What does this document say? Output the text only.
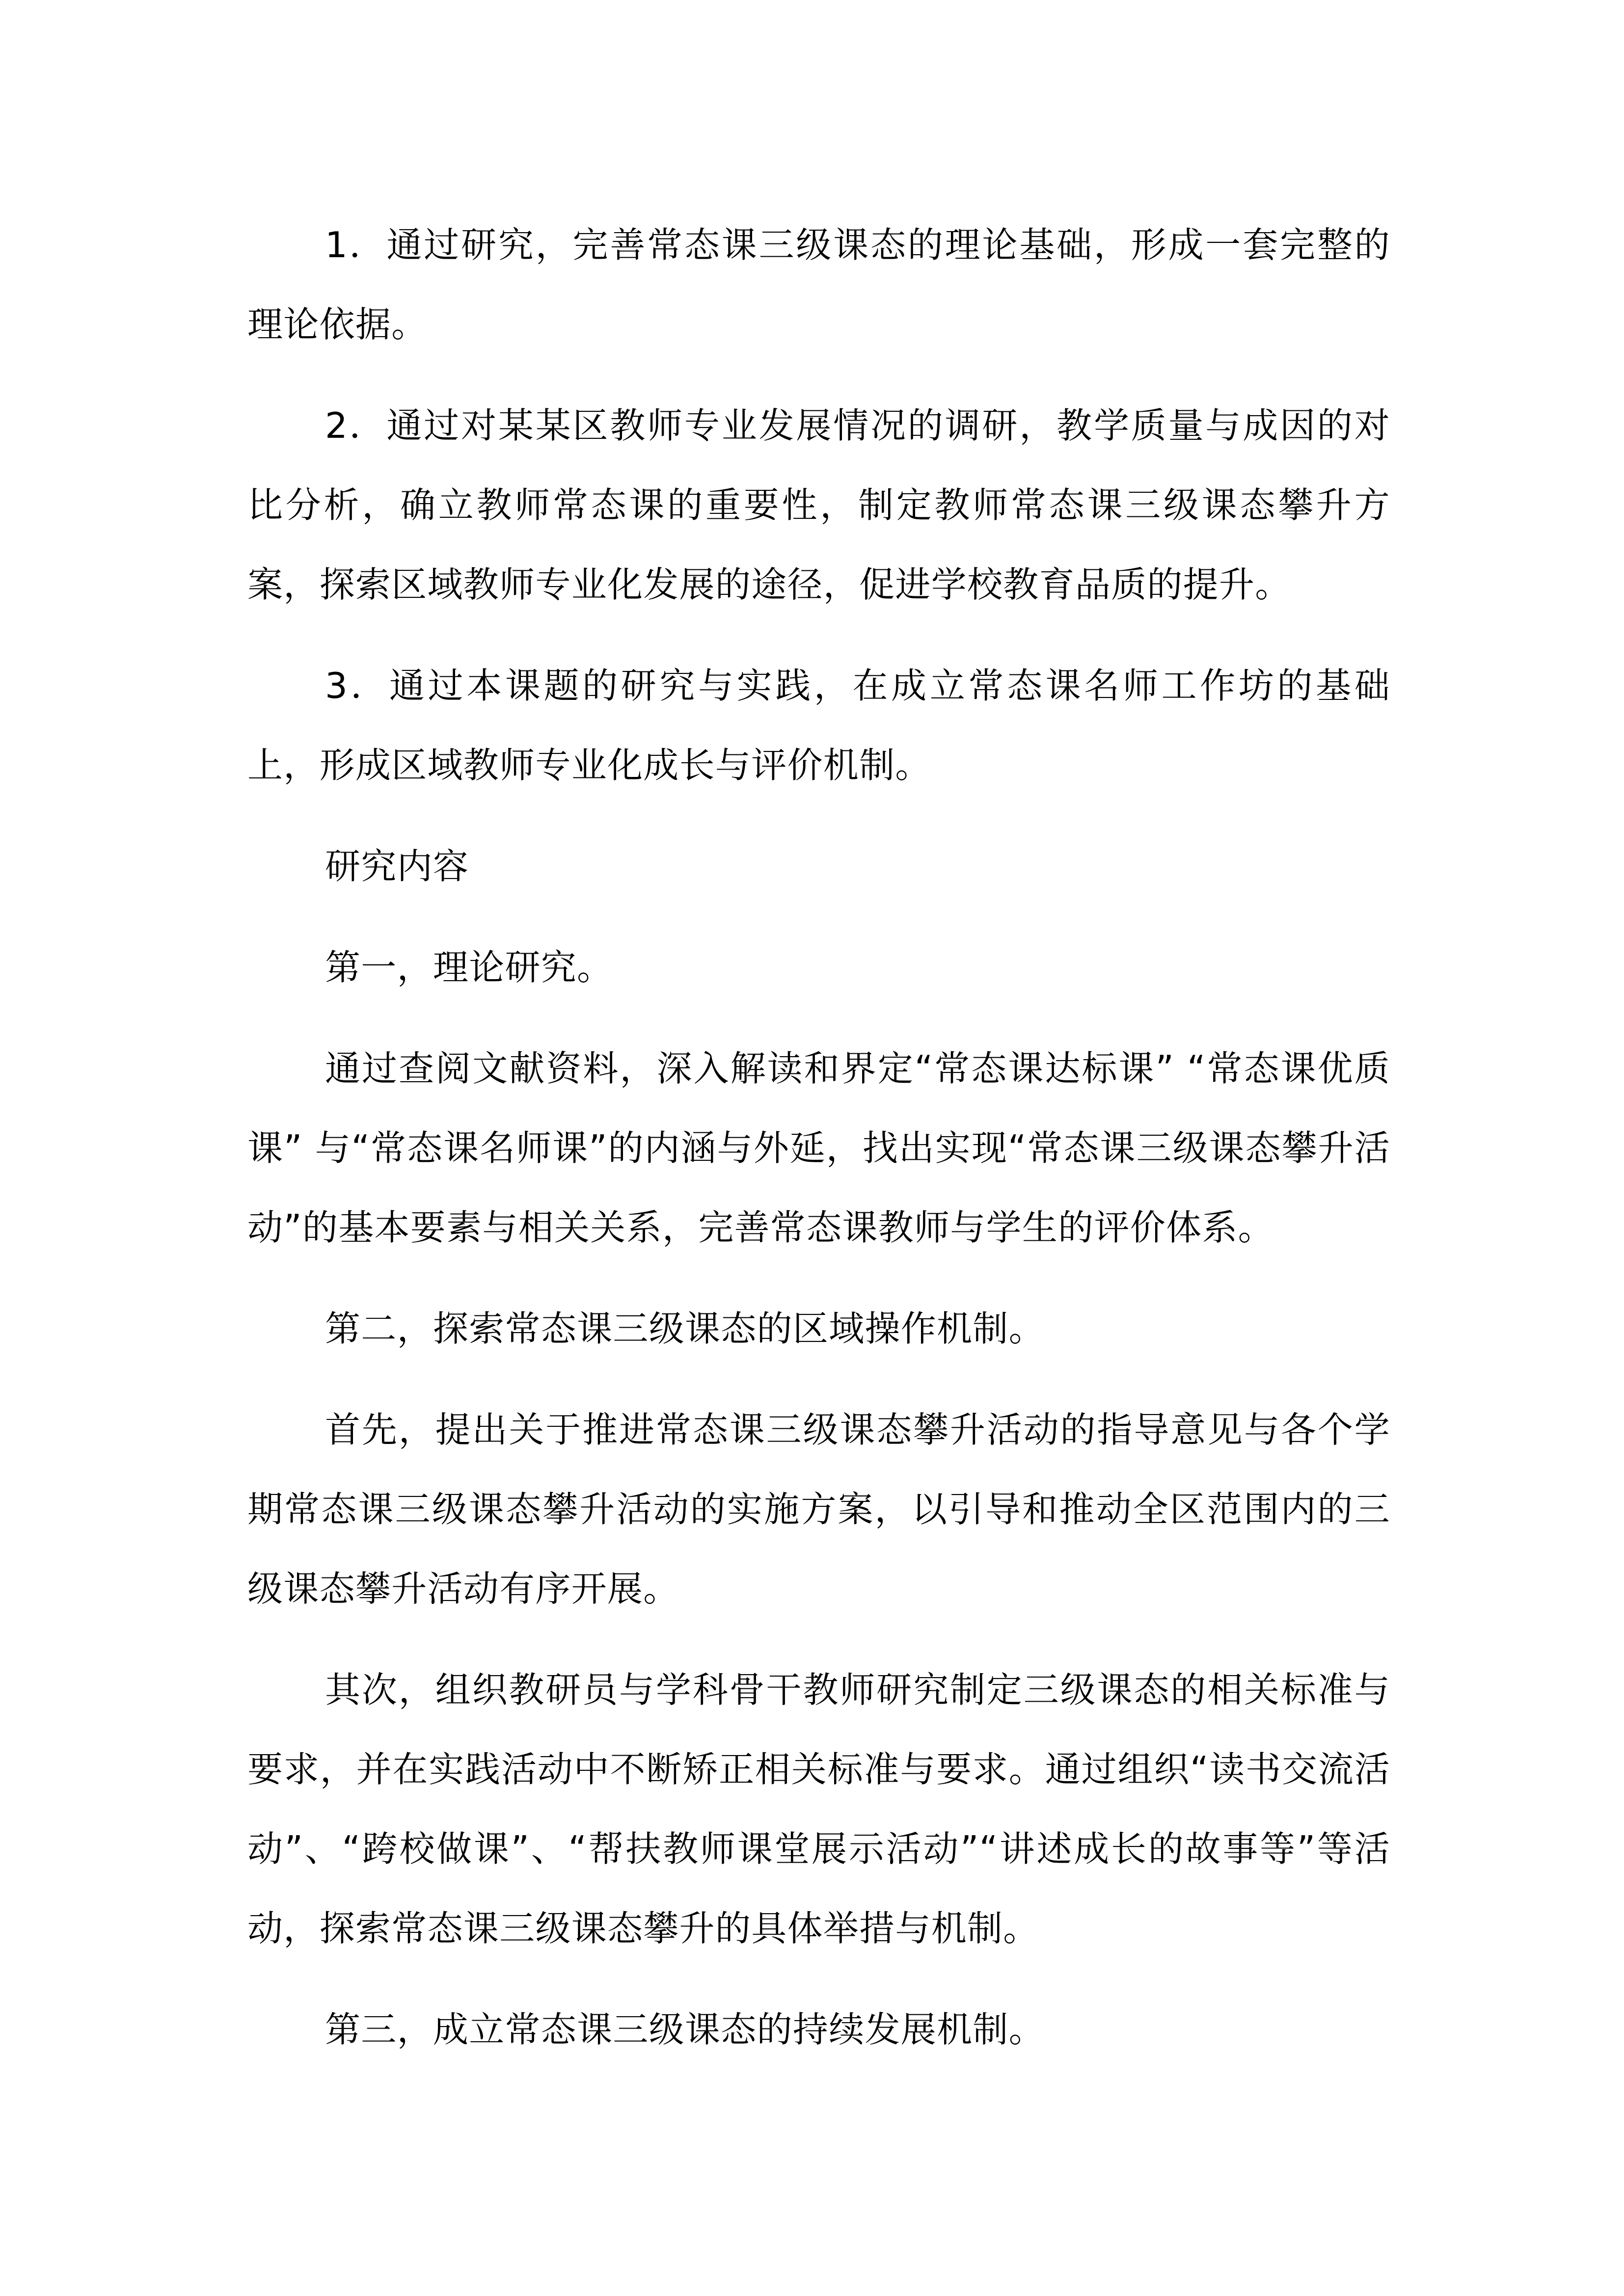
1．通过研究，完善常态课三级课态的理论基础，形成一套完整的理论依据。

2．通过对某某区教师专业发展情况的调研，教学质量与成因的对比分析，确立教师常态课的重要性，制定教师常态课三级课态攀升方案，探索区域教师专业化发展的途径，促进学校教育品质的提升。

3．通过本课题的研究与实践，在成立常态课名师工作坊的基础上，形成区域教师专业化成长与评价机制。

研究内容

第一，理论研究。

通过查阅文献资料，深入解读和界定“常态课达标课” “常态课优质课” 与“常态课名师课”的内涵与外延，找出实现“常态课三级课态攀升活动”的基本要素与相关关系，完善常态课教师与学生的评价体系。

第二，探索常态课三级课态的区域操作机制。

首先，提出关于推进常态课三级课态攀升活动的指导意见与各个学期常态课三级课态攀升活动的实施方案，以引导和推动全区范围内的三级课态攀升活动有序开展。

其次，组织教研员与学科骨干教师研究制定三级课态的相关标准与要求，并在实践活动中不断矫正相关标准与要求。通过组织“读书交流活动”、“跨校做课”、“帮扶教师课堂展示活动”“讲述成长的故事等”等活动，探索常态课三级课态攀升的具体举措与机制。

第三，成立常态课三级课态的持续发展机制。
